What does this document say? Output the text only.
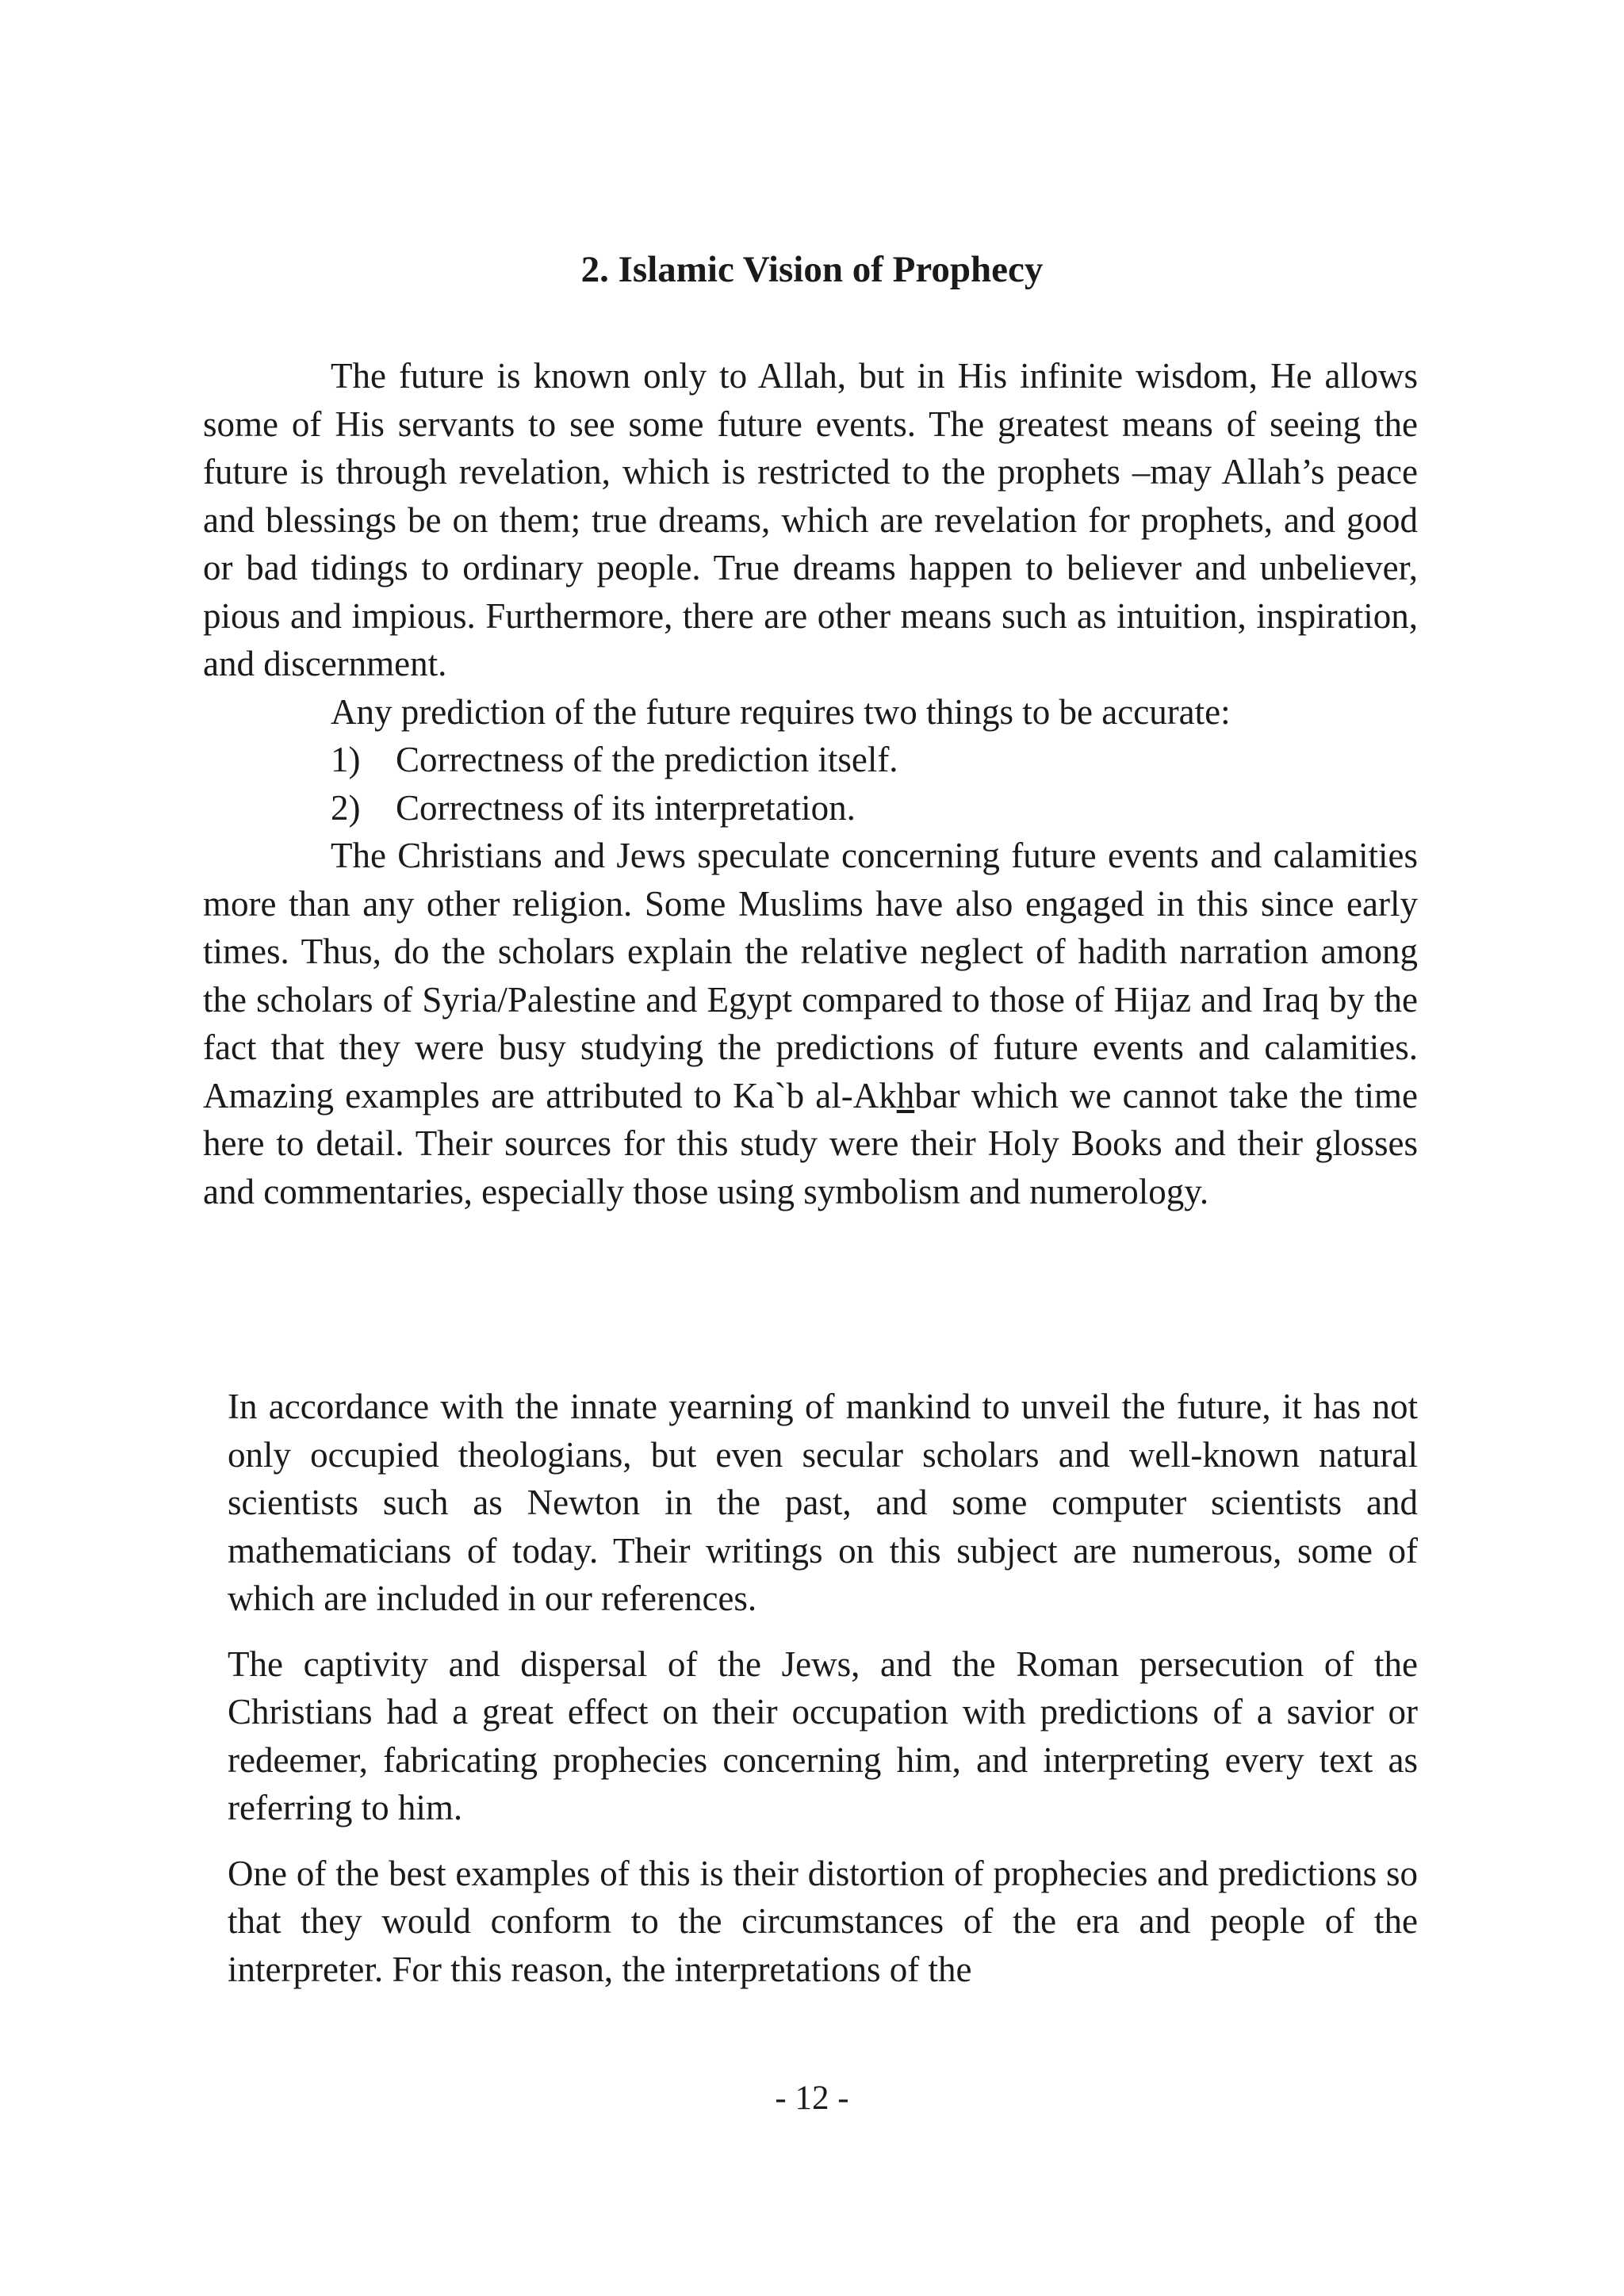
2. Islamic Vision of Prophecy

The future is known only to Allah, but in His infinite wisdom, He allows some of His servants to see some future events. The greatest means of seeing the future is through revelation, which is restricted to the prophets –may Allah’s peace and blessings be on them; true dreams, which are revelation for prophets, and good or bad tidings to ordinary people. True dreams happen to believer and unbeliever, pious and impious. Furthermore, there are other means such as intuition, inspiration, and discernment.

Any prediction of the future requires two things to be accurate:

1) Correctness of the prediction itself.
2) Correctness of its interpretation.

The Christians and Jews speculate concerning future events and calamities more than any other religion. Some Muslims have also engaged in this since early times. Thus, do the scholars explain the relative neglect of hadith narration among the scholars of Syria/Palestine and Egypt compared to those of Hijaz and Iraq by the fact that they were busy studying the predictions of future events and calamities. Amazing examples are attributed to Ka`b al-Akhbar which we cannot take the time here to detail. Their sources for this study were their Holy Books and their glosses and commentaries, especially those using symbolism and numerology.

In accordance with the innate yearning of mankind to unveil the future, it has not only occupied theologians, but even secular scholars and well-known natural scientists such as Newton in the past, and some computer scientists and mathematicians of today. Their writings on this subject are numerous, some of which are included in our references.

The captivity and dispersal of the Jews, and the Roman persecution of the Christians had a great effect on their occupation with predictions of a savior or redeemer, fabricating prophecies concerning him, and interpreting every text as referring to him.

One of the best examples of this is their distortion of prophecies and predictions so that they would conform to the circumstances of the era and people of the interpreter. For this reason, the interpretations of the

- 12 -
